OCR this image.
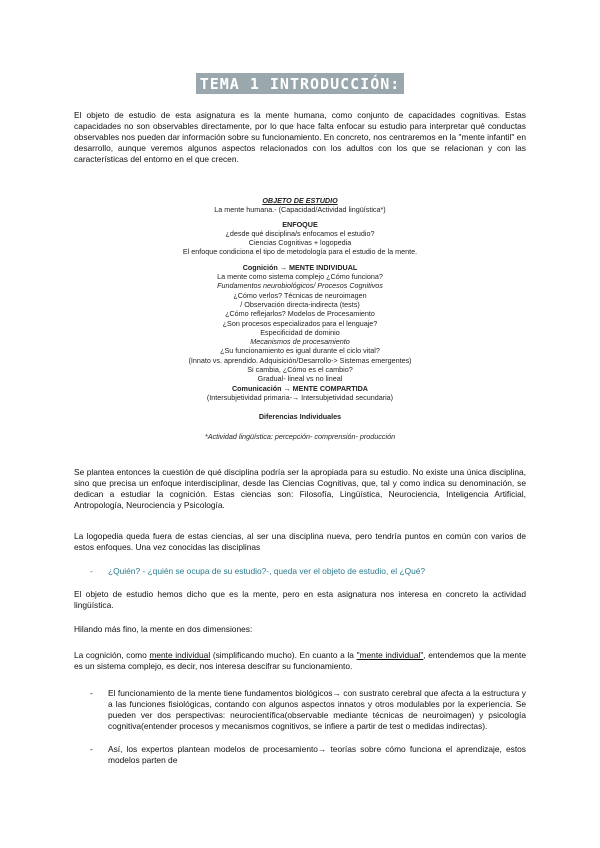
TEMA 1 INTRODUCCIÓN:

El objeto de estudio de esta asignatura es la mente humana, como conjunto de capacidades cognitivas. Estas capacidades no son observables directamente, por lo que hace falta enfocar su estudio para interpretar qué conductas observables nos pueden dar información sobre su funcionamiento. En concreto, nos centraremos en la "mente infantil" en desarrollo, aunque veremos algunos aspectos relacionados con los adultos con los que se relacionan y con las características del entorno en el que crecen.

OBJETO DE ESTUDIO
La mente humana.- (Capacidad/Actividad lingüística*)
ENFOQUE
¿desde qué disciplina/s enfocamos el estudio?
Ciencias Cognitivas + logopedia
El enfoque condiciona el tipo de metodología para el estudio de la mente.
Cognición → MENTE INDIVIDUAL
La mente como sistema complejo ¿Cómo funciona?
Fundamentos neurobiológicos/ Procesos Cognitivos
¿Cómo verlos? Técnicas de neuroimagen
/ Observación directa-indirecta (tests)
¿Cómo reflejarlos? Modelos de Procesamiento
¿Son procesos especializados para el lenguaje?
Especificidad de dominio
Mecanismos de procesamiento
¿Su funcionamiento es igual durante el ciclo vital?
(Innato vs. aprendido. Adquisición/Desarrollo-> Sistemas emergentes)
Si cambia, ¿Cómo es el cambio?
Gradual- lineal vs no lineal
Comunicación → MENTE COMPARTIDA
(Intersubjetividad primaria-→ Intersubjetividad secundaria)
Diferencias Individuales
*Actividad lingüística: percepción- comprensión- producción

Se plantea entonces la cuestión de qué disciplina podría ser la apropiada para su estudio. No existe una única disciplina, sino que precisa un enfoque interdisciplinar, desde las Ciencias Cognitivas, que, tal y como indica su denominación, se dedican a estudiar la cognición. Estas ciencias son: Filosofía, Lingüística, Neurociencia, Inteligencia Artificial, Antropología, Neurociencia y Psicología.

La logopedia queda fuera de estas ciencias, al ser una disciplina nueva, pero tendría puntos en común con varios de estos enfoques. Una vez conocidas las disciplinas

-	¿Quién? - ¿quién se ocupa de su estudio?-, queda ver el objeto de estudio, el ¿Qué?

El objeto de estudio hemos dicho que es la mente, pero en esta asignatura nos interesa en concreto la actividad lingüística.

Hilando más fino, la mente en dos dimensiones:

La cognición, como mente individual (simplificando mucho). En cuanto a la "mente individual", entendemos que la mente es un sistema complejo, es decir, nos interesa descifrar su funcionamiento.

-	El funcionamiento de la mente tiene fundamentos biológicos→ con sustrato cerebral que afecta a la estructura y a las funciones fisiológicas, contando con algunos aspectos innatos y otros modulables por la experiencia. Se pueden ver dos perspectivas: neurocientífica(observable mediante técnicas de neuroimagen) y psicología cognitiva(entender procesos y mecanismos cognitivos, se infiere a partir de test o medidas indirectas).
-	Así, los expertos plantean modelos de procesamiento→ teorías sobre cómo funciona el aprendizaje, estos modelos parten de
